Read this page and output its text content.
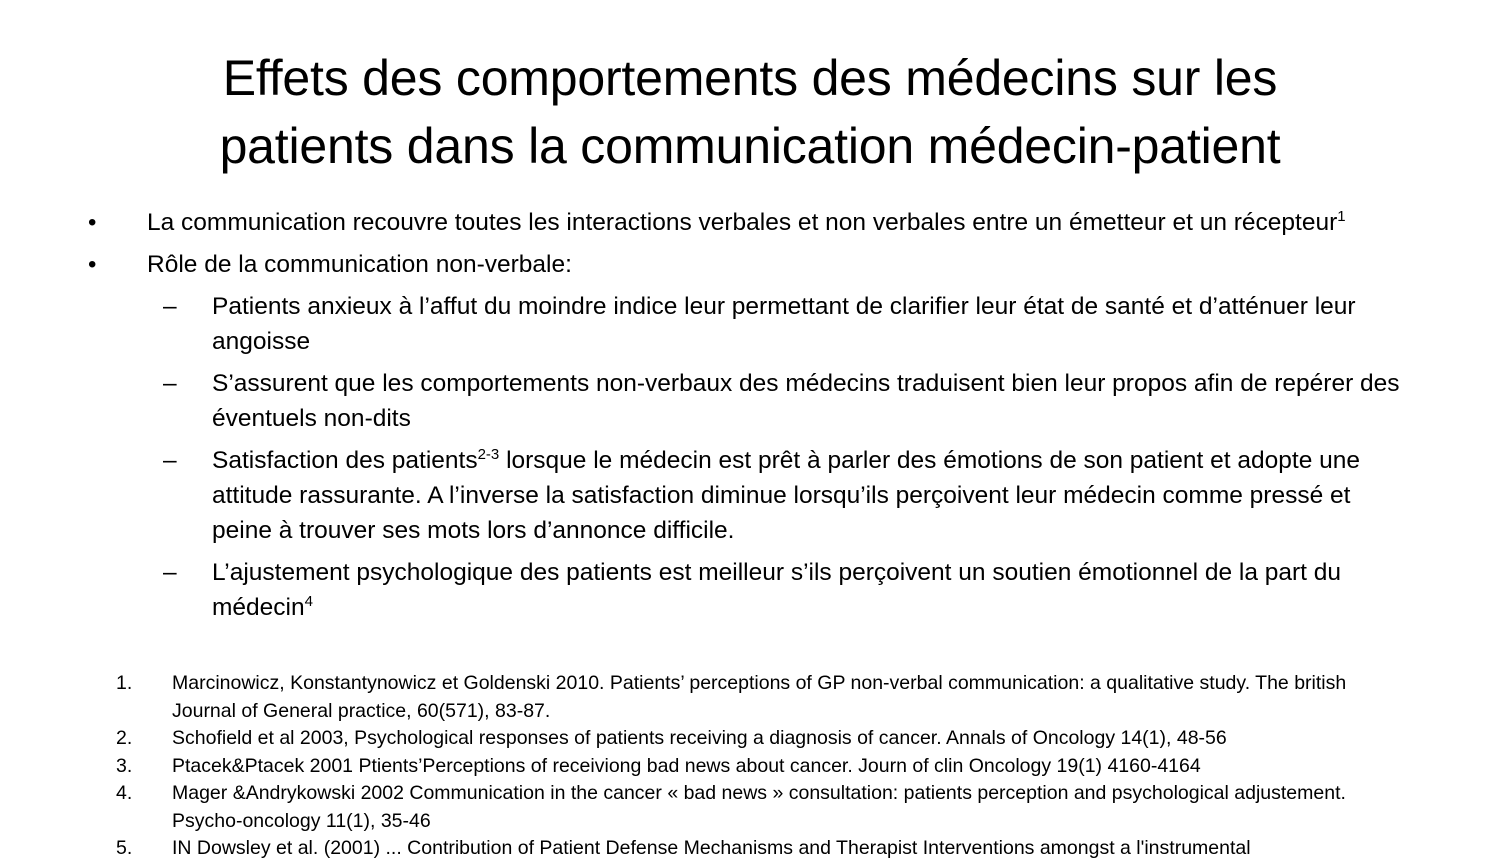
Effets des comportements des médecins sur les
patients dans la communication médecin-patient
•	La communication recouvre toutes les interactions verbales et non verbales entre un émetteur et un récepteur$^1$
•	Rôle de la communication non-verbale:
–	Patients anxieux à l’affut du moindre indice leur permettant de clarifier leur état de santé et d’atténuer leur angoisse
–	S’assurent que les comportements non-verbaux des médecins traduisent bien leur propos afin de repérer des éventuels non-dits
–	Satisfaction des patients$^{2-3}$ lorsque le médecin est prêt à parler des émotions de son patient et adopte une attitude rassurante. A l’inverse la satisfaction diminue lorsqu’ils perçoivent leur médecin comme pressé et peine à trouver ses mots lors d’annonce difficile.
–	L’ajustement psychologique des patients est meilleur s’ils perçoivent un soutien émotionnel de la part du médecin$^4$
1. Marcinowicz, Konstantynowicz et Goldenski 2010. Patients’ perceptions of GP non-verbal communication: a qualitative study. The british Journal of General practice, 60(571), 83-87.
2. Schofield et al 2003, Psychological responses of patients receiving a diagnosis of cancer. Annals of Oncology 14(1), 48-56
3. Ptacek&Ptacek 2001 Ptients’Perceptions of receiviong bad news about cancer. Journ of clin Oncology 19(1) 4160-4164
4. Mager &Andrykowski 2002 Communication in the cancer « bad news » consultation: patients perception and psychological adjustement. Psycho-oncology 11(1), 35-46
5. IN Dowsley et al. (2001) ... Contribution of Patient Defense Mechanisms and Therapist Interventions amongst a l'instrumental
